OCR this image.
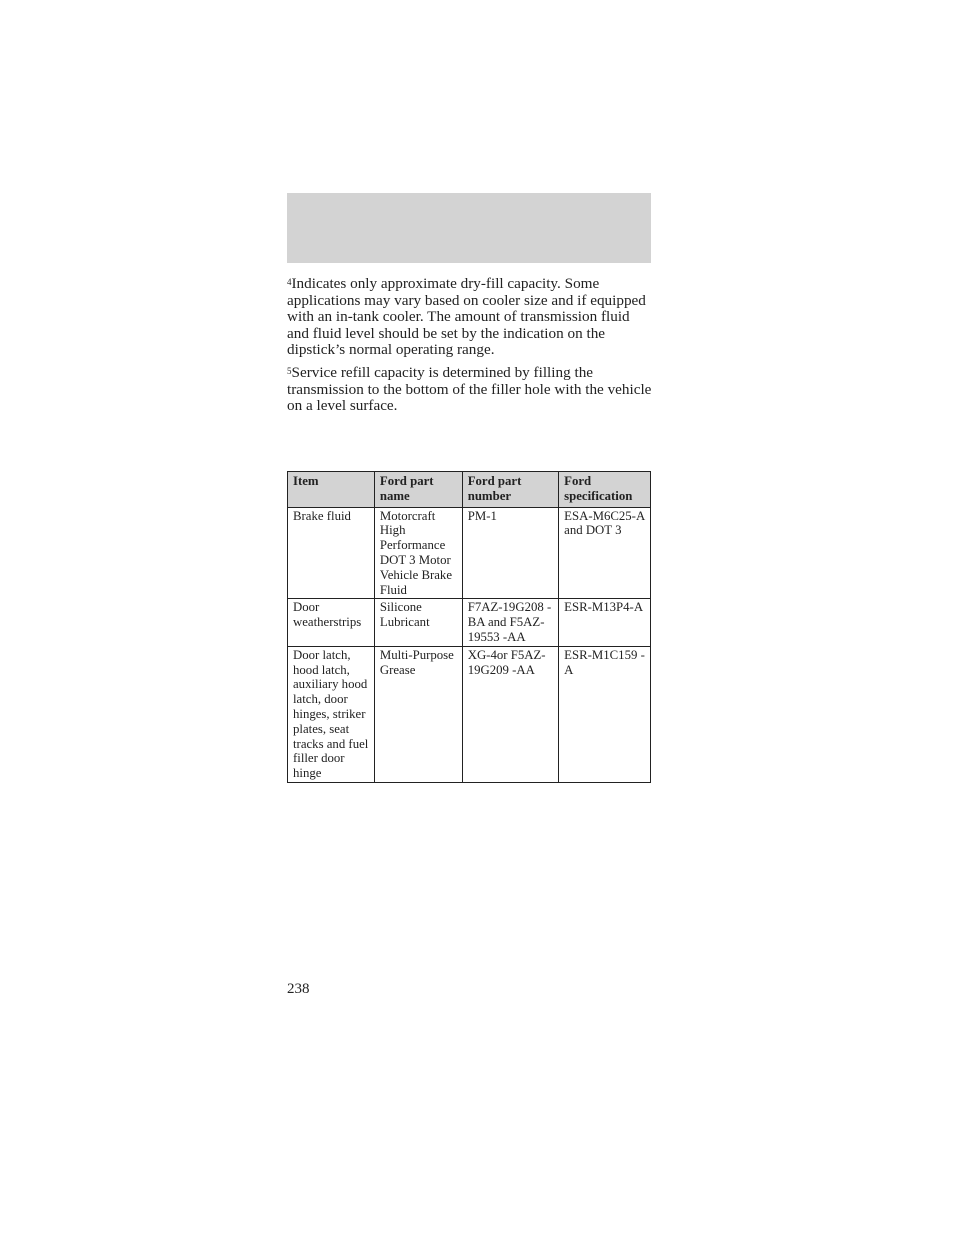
$^4$Indicates only approximate dry-fill capacity. Some applications may vary based on cooler size and if equipped with an in-tank cooler. The amount of transmission fluid and fluid level should be set by the indication on the dipstick’s normal operating range.

$^5$Service refill capacity is determined by filling the transmission to the bottom of the filler hole with the vehicle on a level surface.

Item	Ford part name	Ford part number	Ford specification
Brake fluid	Motorcraft High Performance DOT 3 Motor Vehicle Brake Fluid	PM-1	ESA-M6C25-A and DOT 3
Door weatherstrips	Silicone Lubricant	F7AZ-19G208 -BA and F5AZ-19553 -AA	ESR-M13P4-A
Door latch, hood latch, auxiliary hood latch, door hinges, striker plates, seat tracks and fuel filler door hinge	Multi-Purpose Grease	XG-4or F5AZ-19G209 -AA	ESR-M1C159 -A
238
